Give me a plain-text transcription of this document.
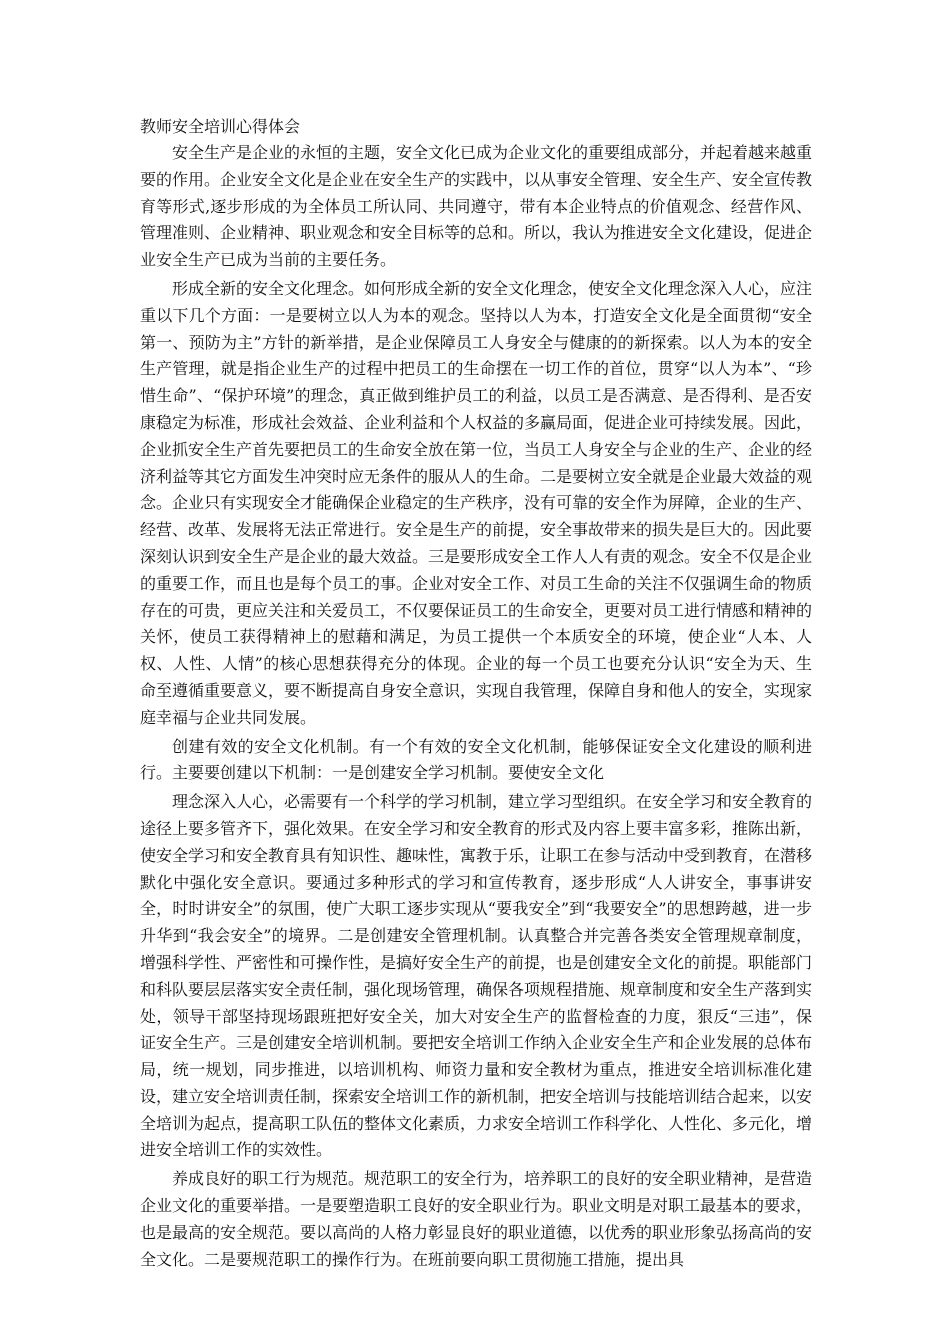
教师安全培训心得体会

安全生产是企业的永恒的主题，安全文化已成为企业文化的重要组成部分，并起着越来越重要的作用。企业安全文化是企业在安全生产的实践中，以从事安全管理、安全生产、安全宣传教育等形式,逐步形成的为全体员工所认同、共同遵守，带有本企业特点的价值观念、经营作风、管理准则、企业精神、职业观念和安全目标等的总和。所以，我认为推进安全文化建设，促进企业安全生产已成为当前的主要任务。

形成全新的安全文化理念。如何形成全新的安全文化理念，使安全文化理念深入人心，应注重以下几个方面：一是要树立以人为本的观念。坚持以人为本，打造安全文化是全面贯彻“安全第一、预防为主”方针的新举措，是企业保障员工人身安全与健康的的新探索。以人为本的安全生产管理，就是指企业生产的过程中把员工的生命摆在一切工作的首位，贯穿“以人为本”、“珍惜生命”、“保护环境”的理念，真正做到维护员工的利益，以员工是否满意、是否得利、是否安康稳定为标准，形成社会效益、企业利益和个人权益的多赢局面，促进企业可持续发展。因此，企业抓安全生产首先要把员工的生命安全放在第一位，当员工人身安全与企业的生产、企业的经济利益等其它方面发生冲突时应无条件的服从人的生命。二是要树立安全就是企业最大效益的观念。企业只有实现安全才能确保企业稳定的生产秩序，没有可靠的安全作为屏障，企业的生产、经营、改革、发展将无法正常进行。安全是生产的前提，安全事故带来的损失是巨大的。因此要深刻认识到安全生产是企业的最大效益。三是要形成安全工作人人有责的观念。安全不仅是企业的重要工作，而且也是每个员工的事。企业对安全工作、对员工生命的关注不仅强调生命的物质存在的可贵，更应关注和关爱员工，不仅要保证员工的生命安全，更要对员工进行情感和精神的关怀，使员工获得精神上的慰藉和满足，为员工提供一个本质安全的环境，使企业“人本、人权、人性、人情”的核心思想获得充分的体现。企业的每一个员工也要充分认识“安全为天、生命至遵循重要意义，要不断提高自身安全意识，实现自我管理，保障自身和他人的安全，实现家庭幸福与企业共同发展。

创建有效的安全文化机制。有一个有效的安全文化机制，能够保证安全文化建设的顺利进行。主要要创建以下机制：一是创建安全学习机制。要使安全文化

理念深入人心，必需要有一个科学的学习机制，建立学习型组织。在安全学习和安全教育的途径上要多管齐下，强化效果。在安全学习和安全教育的形式及内容上要丰富多彩，推陈出新，使安全学习和安全教育具有知识性、趣味性，寓教于乐，让职工在参与活动中受到教育，在潜移默化中强化安全意识。要通过多种形式的学习和宣传教育，逐步形成“人人讲安全，事事讲安全，时时讲安全”的氛围，使广大职工逐步实现从“要我安全”到“我要安全”的思想跨越，进一步升华到“我会安全”的境界。二是创建安全管理机制。认真整合并完善各类安全管理规章制度，增强科学性、严密性和可操作性，是搞好安全生产的前提，也是创建安全文化的前提。职能部门和科队要层层落实安全责任制，强化现场管理，确保各项规程措施、规章制度和安全生产落到实处，领导干部坚持现场跟班把好安全关，加大对安全生产的监督检查的力度，狠反“三违”，保证安全生产。三是创建安全培训机制。要把安全培训工作纳入企业安全生产和企业发展的总体布局，统一规划，同步推进，以培训机构、师资力量和安全教材为重点，推进安全培训标准化建设，建立安全培训责任制，探索安全培训工作的新机制，把安全培训与技能培训结合起来，以安全培训为起点，提高职工队伍的整体文化素质，力求安全培训工作科学化、人性化、多元化，增进安全培训工作的实效性。

养成良好的职工行为规范。规范职工的安全行为，培养职工的良好的安全职业精神，是营造企业文化的重要举措。一是要塑造职工良好的安全职业行为。职业文明是对职工最基本的要求，也是最高的安全规范。要以高尚的人格力彰显良好的职业道德，以优秀的职业形象弘扬高尚的安全文化。二是要规范职工的操作行为。在班前要向职工贯彻施工措施，提出具
